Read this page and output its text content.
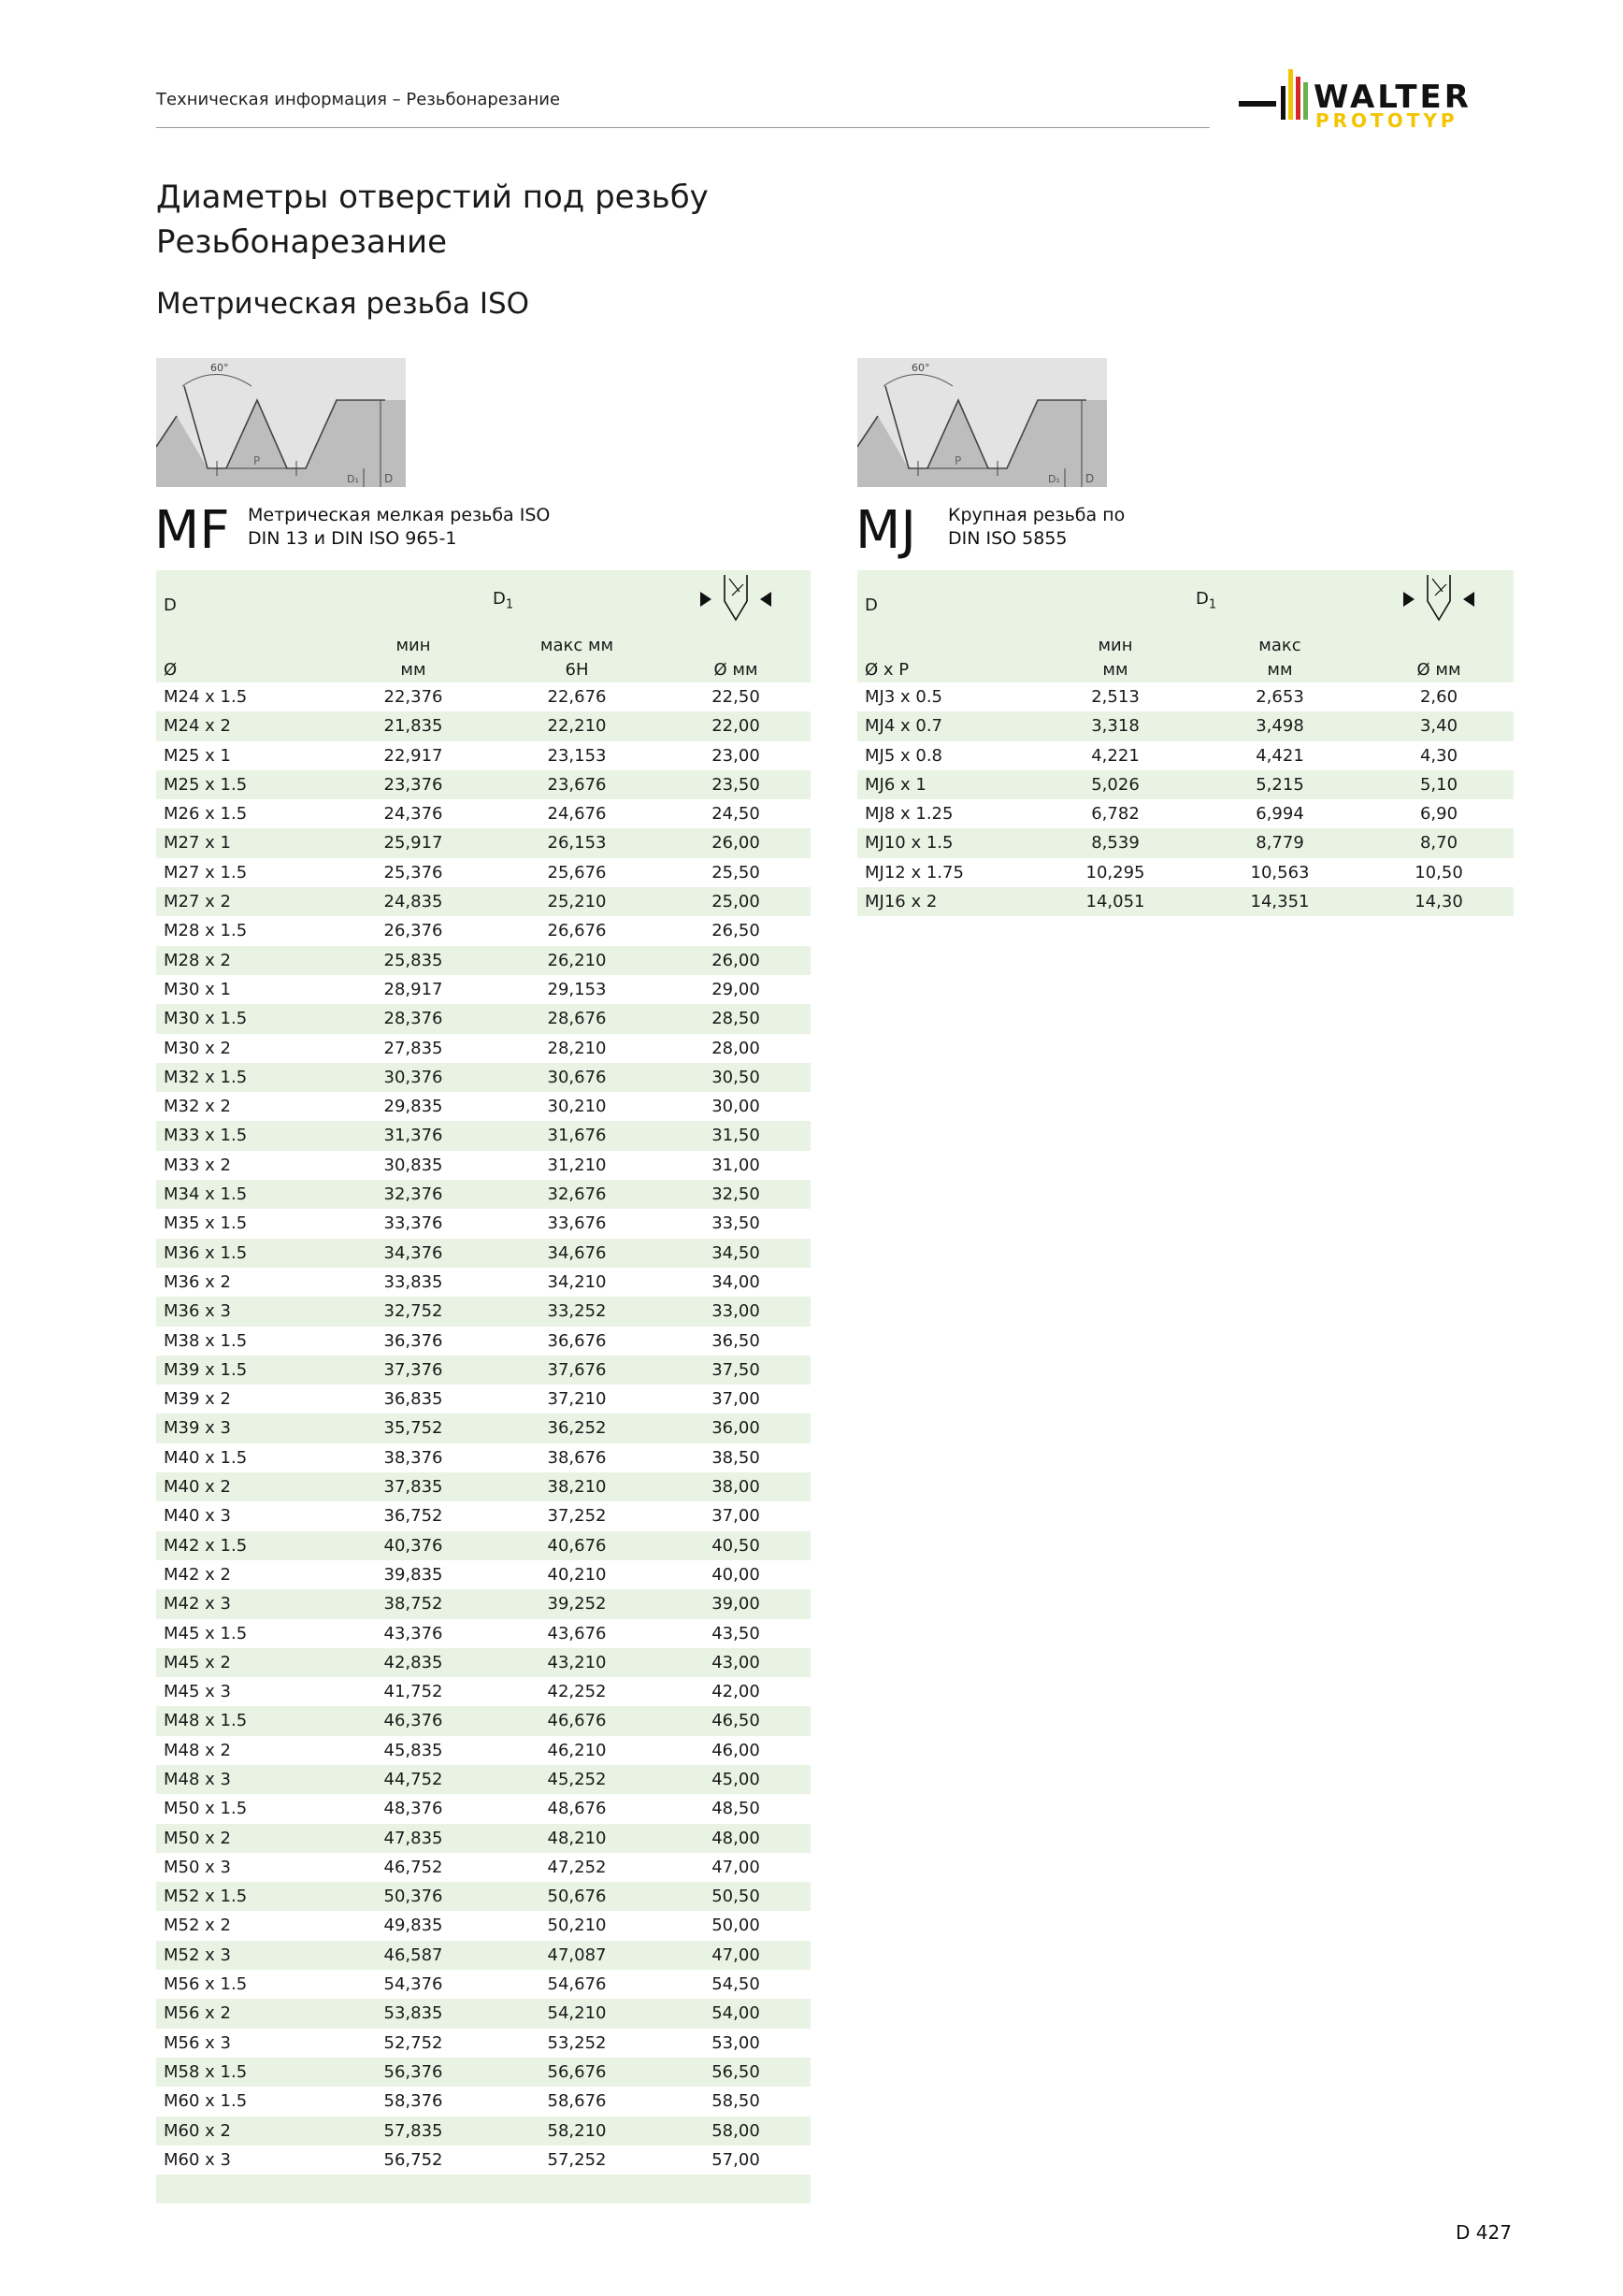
Техническая информация – Резьбонарезание	WALTER
PROTOTYP
Диаметры отверстий под резьбу
Резьбонарезание
Метрическая резьба ISO
60°
P
D₁ D
60°
P
D₁ D
MF Метрическая мелкая резьба ISO
DIN 13 и DIN ISO 965-1	MJ Крупная резьба по
DIN ISO 5855
D		$D_1$	
	мин	макс мм	
Ø	мм	6H	Ø мм
M24 x 1.5	22,376	22,676	22,50
M24 x 2	21,835	22,210	22,00
M25 x 1	22,917	23,153	23,00
M25 x 1.5	23,376	23,676	23,50
M26 x 1.5	24,376	24,676	24,50
M27 x 1	25,917	26,153	26,00
M27 x 1.5	25,376	25,676	25,50
M27 x 2	24,835	25,210	25,00
M28 x 1.5	26,376	26,676	26,50
M28 x 2	25,835	26,210	26,00
M30 x 1	28,917	29,153	29,00
M30 x 1.5	28,376	28,676	28,50
M30 x 2	27,835	28,210	28,00
M32 x 1.5	30,376	30,676	30,50
M32 x 2	29,835	30,210	30,00
M33 x 1.5	31,376	31,676	31,50
M33 x 2	30,835	31,210	31,00
M34 x 1.5	32,376	32,676	32,50
M35 x 1.5	33,376	33,676	33,50
M36 x 1.5	34,376	34,676	34,50
M36 x 2	33,835	34,210	34,00
M36 x 3	32,752	33,252	33,00
M38 x 1.5	36,376	36,676	36,50
M39 x 1.5	37,376	37,676	37,50
M39 x 2	36,835	37,210	37,00
M39 x 3	35,752	36,252	36,00
M40 x 1.5	38,376	38,676	38,50
M40 x 2	37,835	38,210	38,00
M40 x 3	36,752	37,252	37,00
M42 x 1.5	40,376	40,676	40,50
M42 x 2	39,835	40,210	40,00
M42 x 3	38,752	39,252	39,00
M45 x 1.5	43,376	43,676	43,50
M45 x 2	42,835	43,210	43,00
M45 x 3	41,752	42,252	42,00
M48 x 1.5	46,376	46,676	46,50
M48 x 2	45,835	46,210	46,00
M48 x 3	44,752	45,252	45,00
M50 x 1.5	48,376	48,676	48,50
M50 x 2	47,835	48,210	48,00
M50 x 3	46,752	47,252	47,00
M52 x 1.5	50,376	50,676	50,50
M52 x 2	49,835	50,210	50,00
M52 x 3	46,587	47,087	47,00
M56 x 1.5	54,376	54,676	54,50
M56 x 2	53,835	54,210	54,00
M56 x 3	52,752	53,252	53,00
M58 x 1.5	56,376	56,676	56,50
M60 x 1.5	58,376	58,676	58,50
M60 x 2	57,835	58,210	58,00
M60 x 3	56,752	57,252	57,00

D		$D_1$	
	мин	макс	
Ø x P	мм	мм	Ø мм
MJ3 x 0.5	2,513	2,653	2,60
MJ4 x 0.7	3,318	3,498	3,40
MJ5 x 0.8	4,221	4,421	4,30
MJ6 x 1	5,026	5,215	5,10
MJ8 x 1.25	6,782	6,994	6,90
MJ10 x 1.5	8,539	8,779	8,70
MJ12 x 1.75	10,295	10,563	10,50
MJ16 x 2	14,051	14,351	14,30
D 427
